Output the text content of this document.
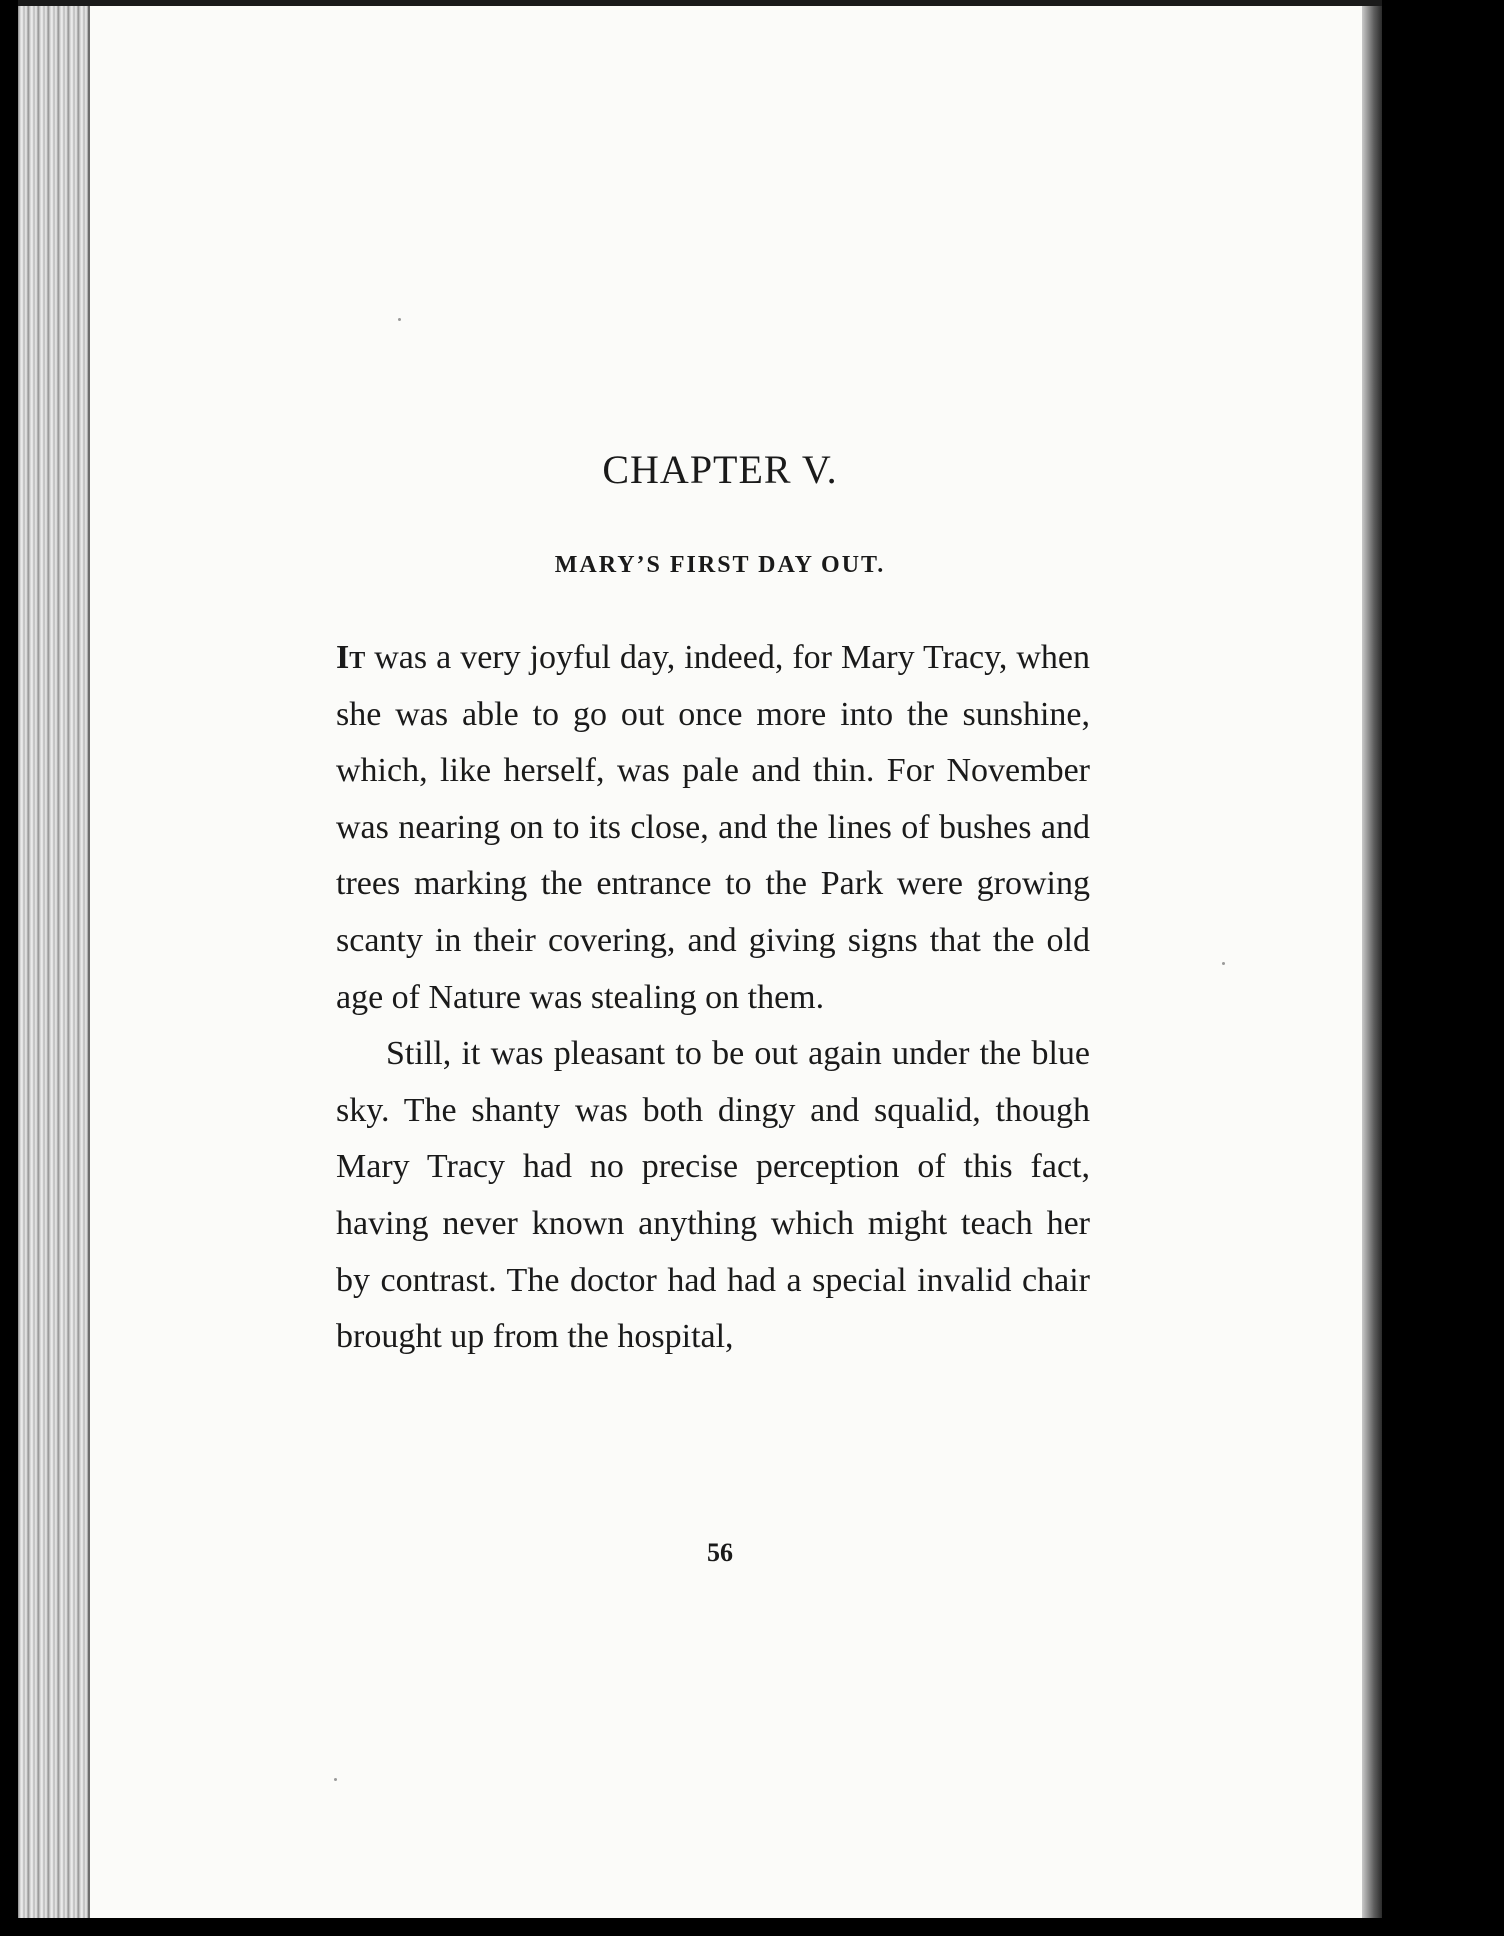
CHAPTER V.
MARY’S FIRST DAY OUT.

It was a very joyful day, indeed, for Mary Tracy, when she was able to go out once more into the sunshine, which, like herself, was pale and thin. For November was nearing on to its close, and the lines of bushes and trees marking the entrance to the Park were growing scanty in their covering, and giving signs that the old age of Nature was stealing on them.

Still, it was pleasant to be out again under the blue sky. The shanty was both dingy and squalid, though Mary Tracy had no precise perception of this fact, having never known anything which might teach her by contrast. The doctor had had a special invalid chair brought up from the hospital,

56
